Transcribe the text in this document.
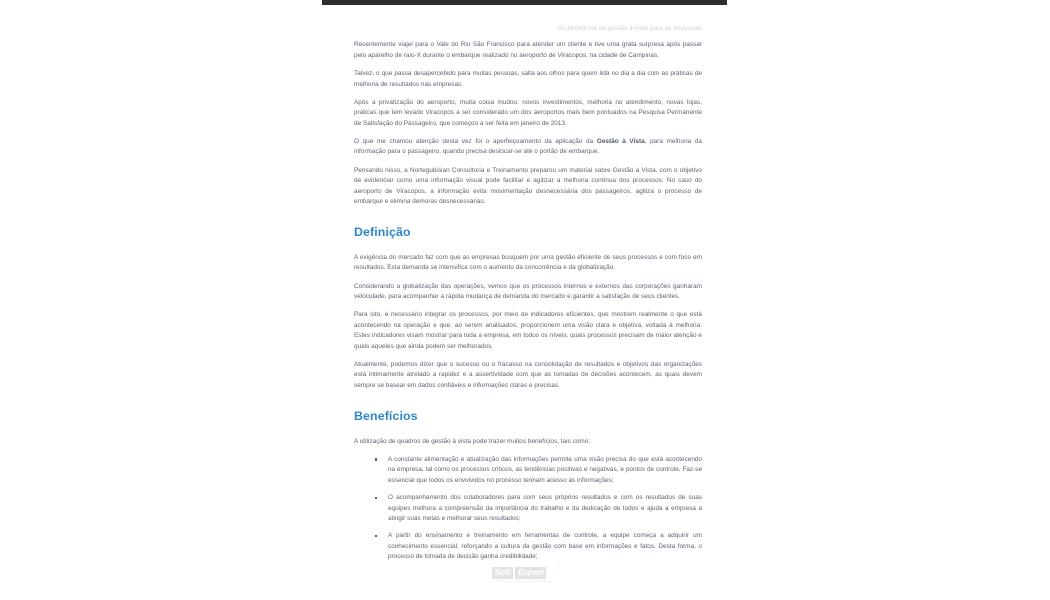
Os benefícios da gestão à vista para as empresas

Recentemente viajei para o Vale do Rio São Francisco para atender um cliente e tive uma grata surpresa após passar pelo aparelho de raio-X durante o embarque realizado no aeroporto de Viracopos, na cidade de Campinas.

Talvez, o que passa desapercebido para muitas pessoas, salta aos olhos para quem lida no dia a dia com as práticas de melhoria de resultados nas empresas.

Após a privatização do aeroporto, muita coisa mudou: novos investimentos, melhoria no atendimento, novas lojas, práticas que tem levado Viracopos a ser considerado um dos aeroportos mais bem pontuados na Pesquisa Permanente de Satisfação do Passageiro, que começou a ser feita em janeiro de 2013.

O que me chamou atenção desta vez foi o aperfeiçoamento da aplicação da Gestão à Vista, para melhoria da informação para o passageiro, quando precisa deslocar-se até o portão de embarque.

Pensando nisso, a Nortegubisian Consultoria e Treinamento preparou um material sobre Gestão à Vista, com o objetivo de evidenciar como uma informação visual pode facilitar e agilizar a melhoria contínua dos processos. No caso do aeroporto de Viracopos, a informação evita movimentação desnecessária dos passageiros, agiliza o processo de embarque e elimina demoras desnecessárias.

Definição

A exigência do mercado faz com que as empresas busquem por uma gestão eficiente de seus processos e com foco em resultados. Esta demanda se intensifica com o aumento da concorrência e da globalização.

Considerando a globalização das operações, vemos que os processos internos e externos das corporações ganharam velocidade, para acompanhar a rápida mudança de demanda do mercado e garantir a satisfação de seus clientes.

Para isto, é necessário integrar os processos, por meio de indicadores eficientes, que mostrem realmente o que está acontecendo na operação e que, ao serem analisados, proporcionem uma visão clara e objetiva, voltada à melhoria. Estes indicadores visam mostrar para toda a empresa, em todos os níveis, quais processos precisam de maior atenção e quais aqueles que ainda podem ser melhorados.

Atualmente, podemos dizer que o sucesso ou o fracasso na consolidação de resultados e objetivos das organizações está intimamente atrelado a rapidez e a assertividade com que as tomadas de decisões acontecem, as quais devem sempre se basear em dados confiáveis e informações claras e precisas.

Benefícios

A utilização de quadros de gestão à vista pode trazer muitos benefícios, tais como:

A constante alimentação e atualização das informações permite uma visão precisa do que está acontecendo na empresa, tal como os processos críticos, as tendências positivas e negativas, e pontos de controle. Faz-se essencial que todos os envolvidos no processo tenham acesso às informações;
O acompanhamento dos colaboradores para com seus próprios resultados e com os resultados de suas equipes melhora a compreensão da importância do trabalho e da dedicação de todos e ajuda a empresa a atingir suas metas e melhorar seus resultados;
A partir do ensinamento e treinamento em ferramentas de controle, a equipe começa a adquirir um conhecimento essencial, reforçando a cultura da gestão com base em informações e fatos. Desta forma, o processo de tomada de decisão ganha credibilidade;
Soft Expert	®
Software for Performance Excellence
